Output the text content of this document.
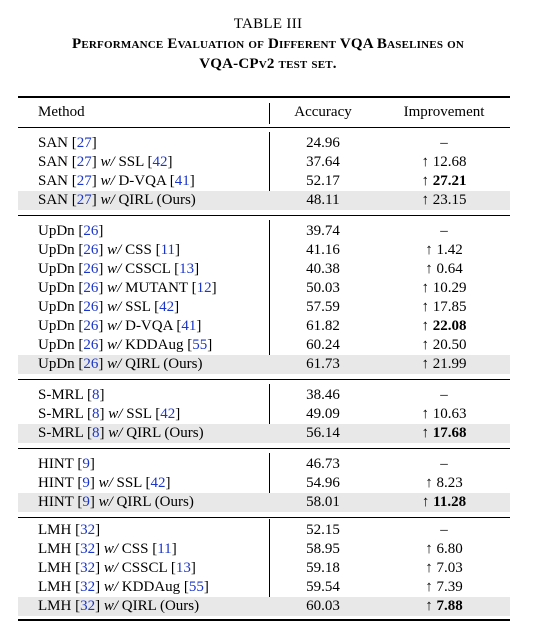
TABLE III
Performance Evaluation of Different VQA Baselines on
VQA-CPv2 test set.
Method	Accuracy	Improvement
SAN [27]	24.96	–
SAN [27] w/ SSL [42]	37.64	↑ 12.68
SAN [27] w/ D-VQA [41]	52.17	↑ 27.21
SAN [27] w/ QIRL (Ours)	48.11	↑ 23.15
UpDn [26]	39.74	–
UpDn [26] w/ CSS [11]	41.16	↑ 1.42
UpDn [26] w/ CSSCL [13]	40.38	↑ 0.64
UpDn [26] w/ MUTANT [12]	50.03	↑ 10.29
UpDn [26] w/ SSL [42]	57.59	↑ 17.85
UpDn [26] w/ D-VQA [41]	61.82	↑ 22.08
UpDn [26] w/ KDDAug [55]	60.24	↑ 20.50
UpDn [26] w/ QIRL (Ours)	61.73	↑ 21.99
S-MRL [8]	38.46	–
S-MRL [8] w/ SSL [42]	49.09	↑ 10.63
S-MRL [8] w/ QIRL (Ours)	56.14	↑ 17.68
HINT [9]	46.73	–
HINT [9] w/ SSL [42]	54.96	↑ 8.23
HINT [9] w/ QIRL (Ours)	58.01	↑ 11.28
LMH [32]	52.15	–
LMH [32] w/ CSS [11]	58.95	↑ 6.80
LMH [32] w/ CSSCL [13]	59.18	↑ 7.03
LMH [32] w/ KDDAug [55]	59.54	↑ 7.39
LMH [32] w/ QIRL (Ours)	60.03	↑ 7.88
